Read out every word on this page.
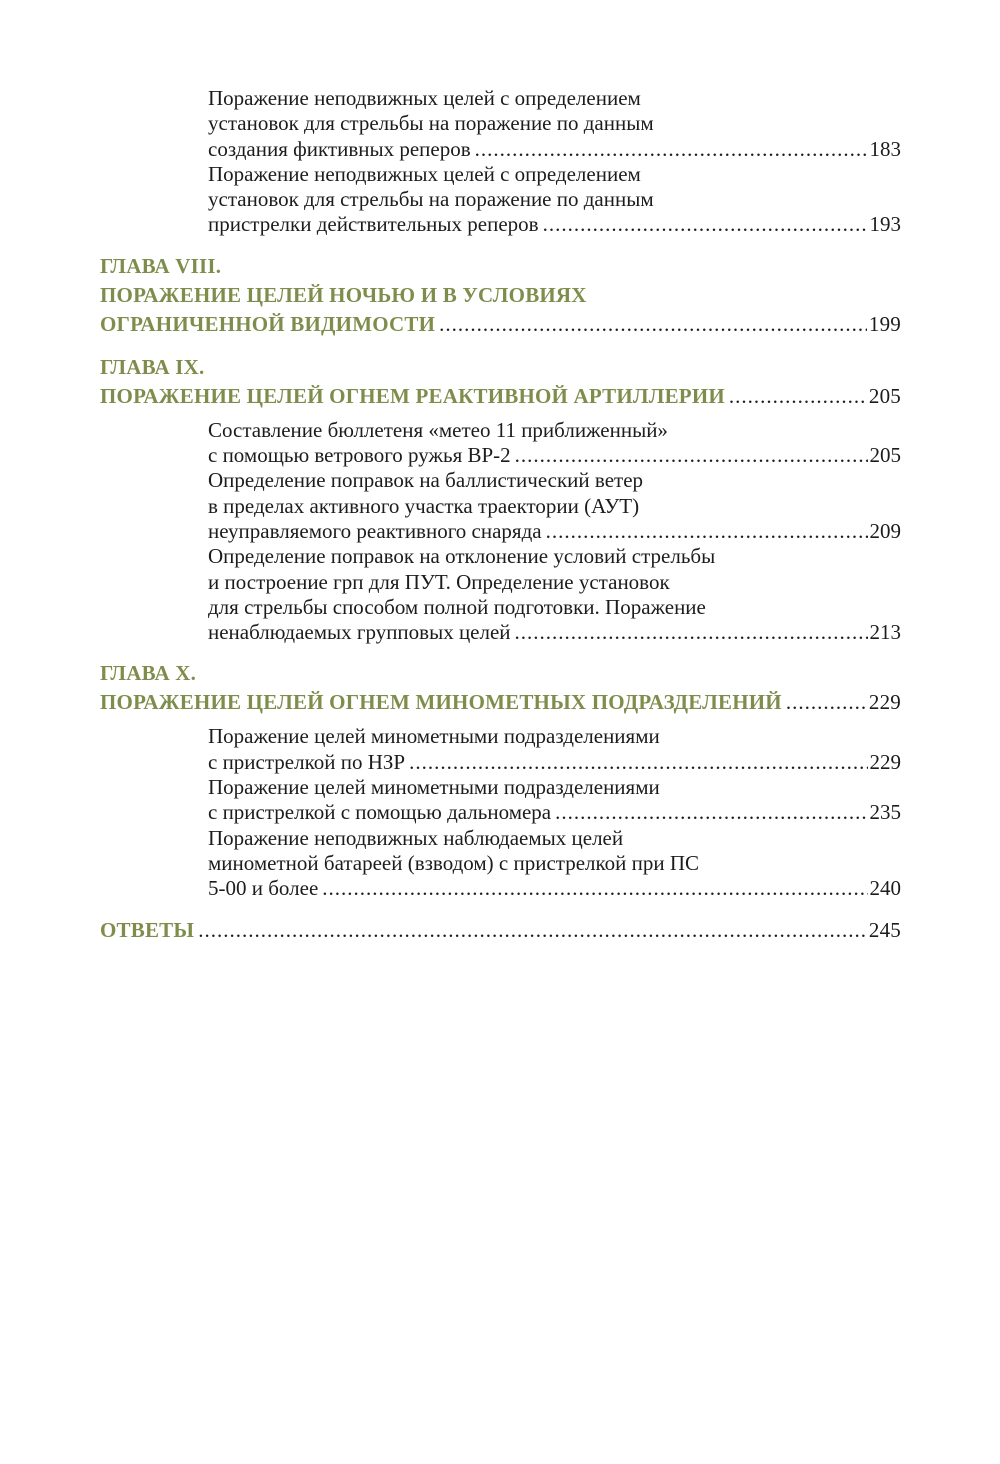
Поражение неподвижных целей с определением
установок для стрельбы на поражение по данным
создания фиктивных реперов .....	183
Поражение неподвижных целей с определением
установок для стрельбы на поражение по данным
пристрелки действительных реперов .....	193
ГЛАВА VIII.
ПОРАЖЕНИЕ ЦЕЛЕЙ НОЧЬЮ И В УСЛОВИЯХ
ОГРАНИЧЕННОЙ ВИДИМОСТИ .....	199
ГЛАВА IX.
ПОРАЖЕНИЕ ЦЕЛЕЙ ОГНЕМ РЕАКТИВНОЙ АРТИЛЛЕРИИ .....	205
Составление бюллетеня «метео 11 приближенный»
с помощью ветрового ружья ВР-2 .....	205
Определение поправок на баллистический ветер
в пределах активного участка траектории (АУТ)
неуправляемого реактивного снаряда .....	209
Определение поправок на отклонение условий стрельбы
и построение грп для ПУТ. Определение установок
для стрельбы способом полной подготовки. Поражение
ненаблюдаемых групповых целей .....	213
ГЛАВА X.
ПОРАЖЕНИЕ ЦЕЛЕЙ ОГНЕМ МИНОМЕТНЫХ ПОДРАЗДЕЛЕНИЙ .....	229
Поражение целей минометными подразделениями
с пристрелкой по НЗР .....	229
Поражение целей минометными подразделениями
с пристрелкой с помощью дальномера .....	235
Поражение неподвижных наблюдаемых целей
минометной батареей (взводом) с пристрелкой при ПС
5-00 и более .....	240
ОТВЕТЫ .....	245
